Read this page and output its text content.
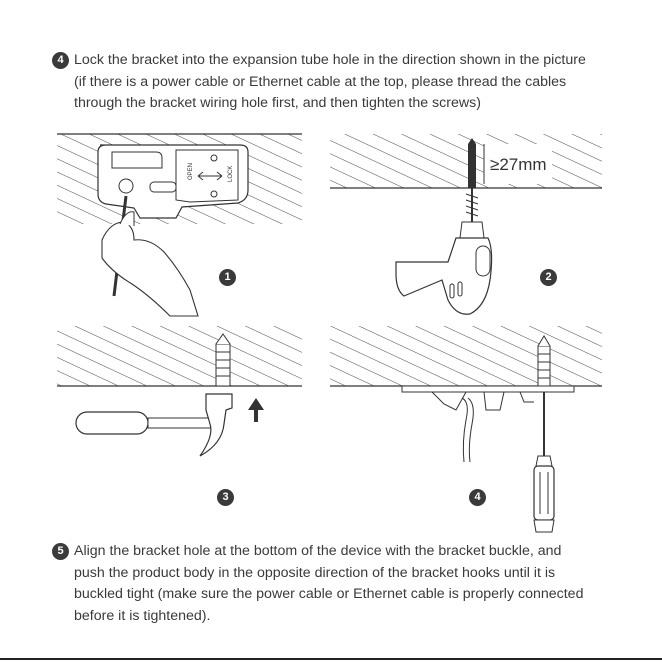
4 Lock the bracket into the expansion tube hole in the direction shown in the picture
(if there is a power cable or Ethernet cable at the top, please thread the cables
through the bracket wiring hole first, and then tighten the screws)
OPEN	LOCK	≥27mm
1	2
3	4
5 Align the bracket hole at the bottom of the device with the bracket buckle, and
push the product body in the opposite direction of the bracket hooks until it is
buckled tight (make sure the power cable or Ethernet cable is properly connected
before it is tightened).
